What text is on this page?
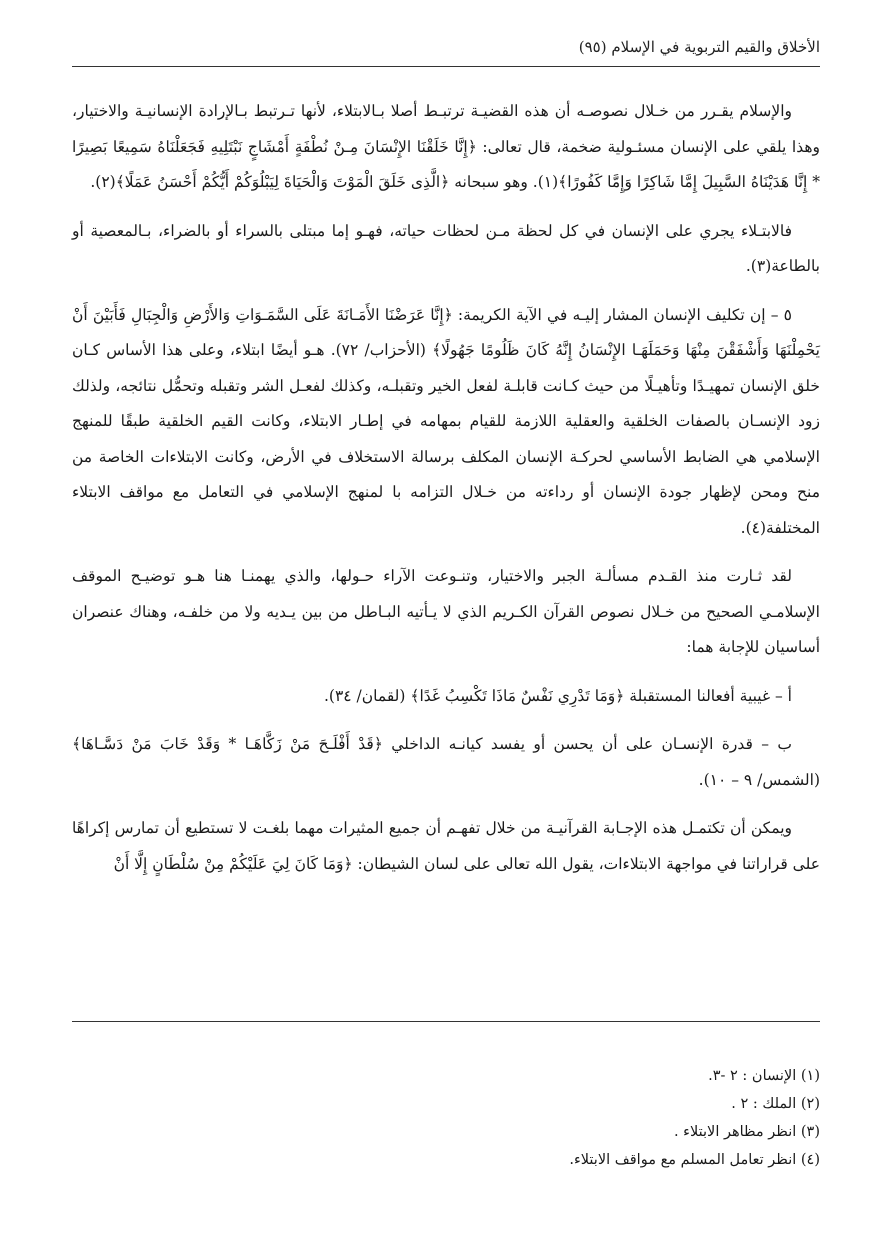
الأخلاق والقيم التربوية في الإسلام (٩٥)

والإسلام يقـرر من خـلال نصوصـه أن هذه القضيـة ترتبـط أصلا بـالابتلاء، لأنها تـرتبط بـالإرادة الإنسانيـة والاختيار، وهذا يلقي على الإنسان مسئـولية ضخمة، قال تعالى: ﴿إِنَّا خَلَقْنَا الإِنْسَانَ مِـنْ نُطْفَةٍ أَمْشَاجٍ نَبْتَلِيهِ فَجَعَلْنَاهُ سَمِيعًا بَصِيرًا * إِنَّا هَدَيْنَاهُ السَّبِيلَ إِمَّا شَاكِرًا وَإِمَّا كَفُورًا﴾(١). وهو سبحانه ﴿الَّذِى خَلَقَ الْمَوْتَ وَالْحَيَاةَ لِيَبْلُوَكُمْ أَيُّكُمْ أَحْسَنُ عَمَلًا﴾(٢).

فالابتـلاء يجري على الإنسان في كل لحظة مـن لحظات حياته، فهـو إما مبتلى بالسراء أو بالضراء، بـالمعصية أو بالطاعة(٣).

٥ – إن تكليف الإنسان المشار إليـه في الآية الكريمة: ﴿إِنَّا عَرَضْنَا الأَمَـانَةَ عَلَى السَّمَـوَاتِ وَالأَرْضِ وَالْجِبَالِ فَأَبَيْنَ أَنْ يَحْمِلْنَهَا وَأَشْفَقْنَ مِنْهَا وَحَمَلَهَـا الإِنْسَانُ إِنَّهُ كَانَ ظَلُومًا جَهُولًا﴾ (الأحزاب/ ٧٢). هـو أيضًا ابتلاء، وعلى هذا الأساس كـان خلق الإنسان تمهيـدًا وتأهيـلًا من حيث كـانت قابلـة لفعل الخير وتقبلـه، وكذلك لفعـل الشر وتقبله وتحمُّل نتائجه، ولذلك زود الإنسـان بالصفات الخلقية والعقلية اللازمة للقيام بمهامه في إطـار الابتلاء، وكانت القيم الخلقية طبقًا للمنهج الإسلامي هي الضابط الأساسي لحركـة الإنسان المكلف برسالة الاستخلاف في الأرض، وكانت الابتلاءات الخاصة من منح ومحن لإظهار جودة الإنسان أو رداءته من خـلال التزامه با لمنهج الإسلامي في التعامل مع مواقف الابتلاء المختلفة(٤).

لقد ثـارت منذ القـدم مسألـة الجبر والاختيار، وتنـوعت الآراء حـولها، والذي يهمنـا هنا هـو توضيـح الموقف الإسلامـي الصحيح من خـلال نصوص القرآن الكـريم الذي لا يـأتيه البـاطل من بين يـديه ولا من خلفـه، وهناك عنصران أساسيان للإجابة هما:

أ – غيبية أفعالنا المستقبلة ﴿وَمَا تَدْرِي نَفْسٌ مَاذَا تَكْسِبُ غَدًا﴾ (لقمان/ ٣٤).

ب – قدرة الإنسـان على أن يحسن أو يفسد كيانـه الداخلي ﴿قَدْ أَفْلَـحَ مَنْ زَكَّاهَـا * وَقَدْ خَابَ مَنْ دَسَّـاهَا﴾ (الشمس/ ٩ – ١٠).

ويمكن أن تكتمـل هذه الإجـابة القرآنيـة من خلال تفهـم أن جميع المثيرات مهما بلغـت لا تستطيع أن تمارس إكراهًا على قراراتنا في مواجهة الابتلاءات، يقول الله تعالى على لسان الشيطان: ﴿وَمَا كَانَ لِيَ عَلَيْكُمْ مِنْ سُلْطَانٍ إِلَّا أَنْ

(١) الإنسان : ٢ -٣.
(٢) الملك : ٢ .
(٣) انظر مظاهر الابتلاء .
(٤) انظر تعامل المسلم مع مواقف الابتلاء.
